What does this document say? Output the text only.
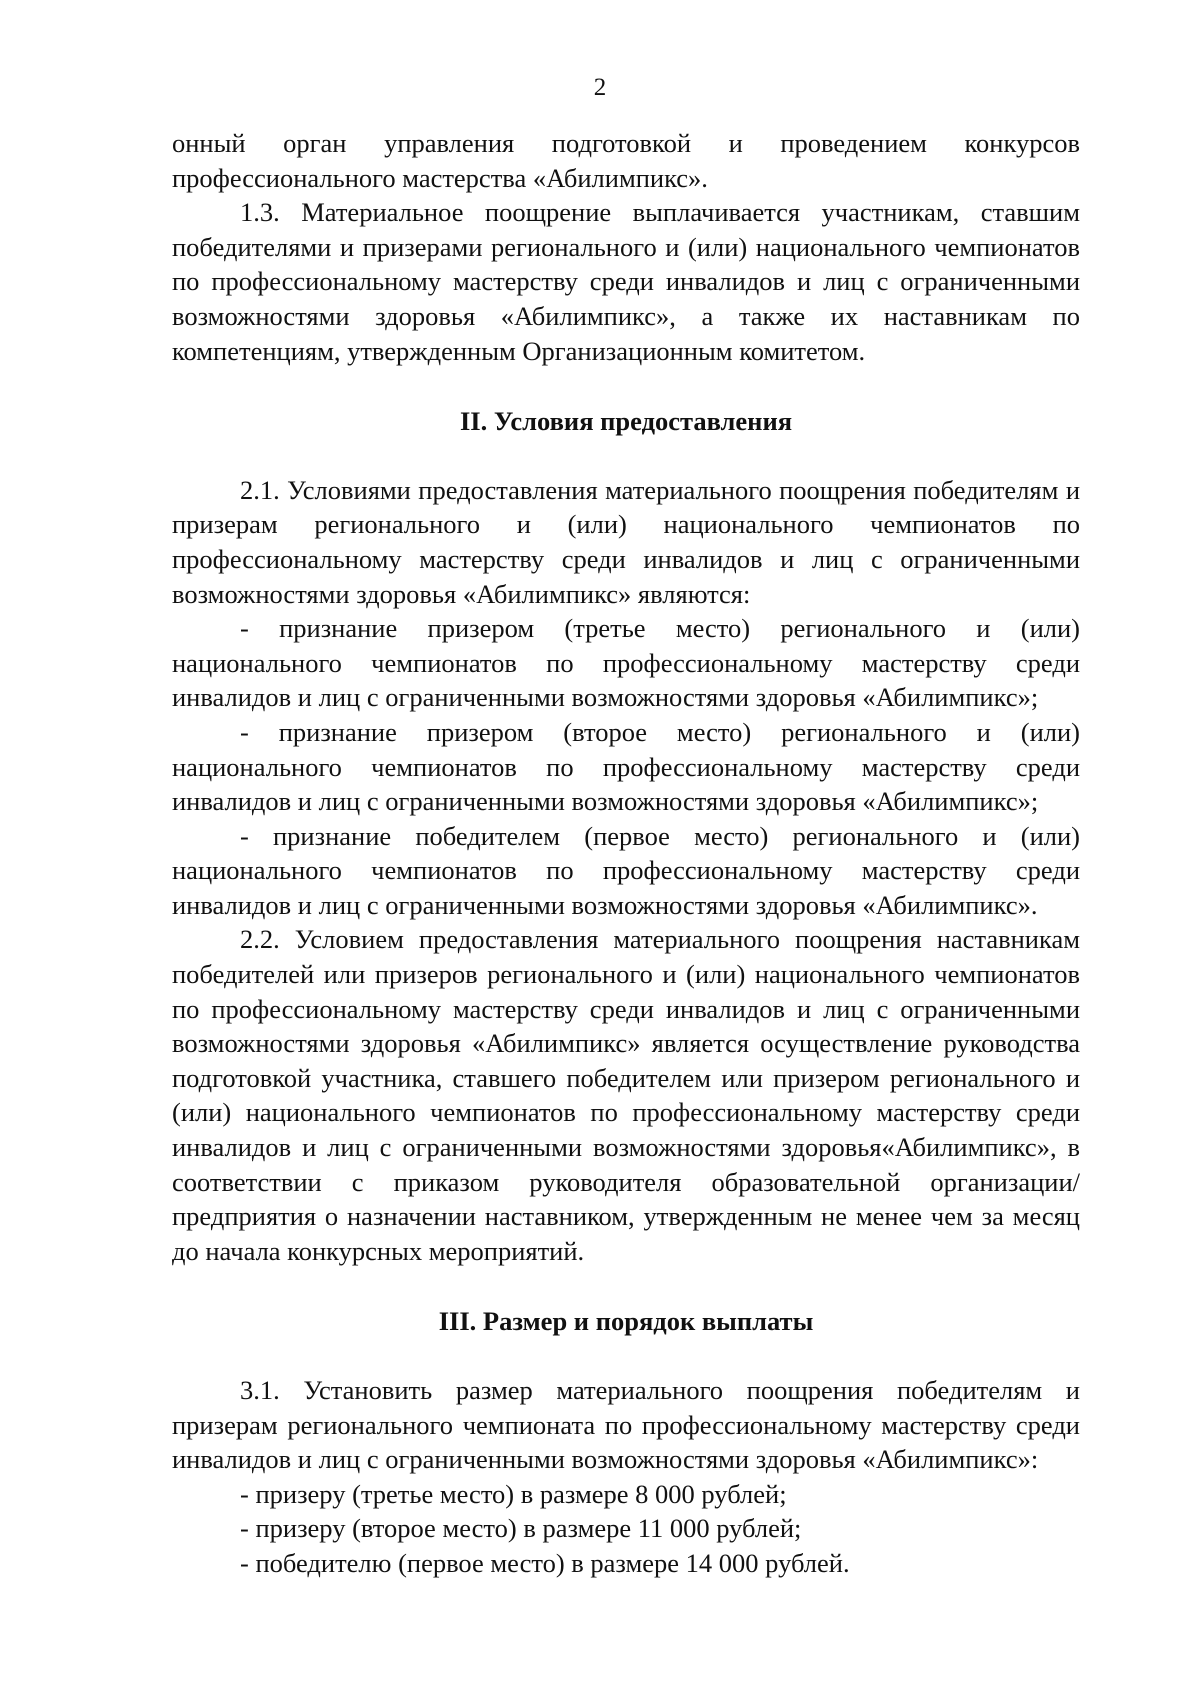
2

онный орган управления подготовкой и проведением конкурсов профессионального мастерства «Абилимпикс».

1.3. Материальное поощрение выплачивается участникам, ставшим победителями и призерами регионального и (или) национального чемпионатов по профессиональному мастерству среди инвалидов и лиц с ограниченными возможностями здоровья «Абилимпикс», а также их наставникам по компетенциям, утвержденным Организационным комитетом.

II. Условия предоставления

2.1. Условиями предоставления материального поощрения победителям и призерам регионального и (или) национального чемпионатов по профессиональному мастерству среди инвалидов и лиц с ограниченными возможностями здоровья «Абилимпикс» являются:

- признание призером (третье место) регионального и (или) национального чемпионатов по профессиональному мастерству среди инвалидов и лиц с ограниченными возможностями здоровья «Абилимпикс»;

- признание призером (второе место) регионального и (или) национального чемпионатов по профессиональному мастерству среди инвалидов и лиц с ограниченными возможностями здоровья «Абилимпикс»;

- признание победителем (первое место) регионального и (или) национального чемпионатов по профессиональному мастерству среди инвалидов и лиц с ограниченными возможностями здоровья «Абилимпикс».

2.2. Условием предоставления материального поощрения наставникам победителей или призеров регионального и (или) национального чемпионатов по профессиональному мастерству среди инвалидов и лиц с ограниченными возможностями здоровья «Абилимпикс» является осуществление руководства подготовкой участника, ставшего победителем или призером регионального и (или) национального чемпионатов по профессиональному мастерству среди инвалидов и лиц с ограниченными возможностями здоровья«Абилимпикс», в соответствии с приказом руководителя образовательной организации/предприятия о назначении наставником, утвержденным не менее чем за месяц до начала конкурсных мероприятий.

III. Размер и порядок выплаты

3.1. Установить размер материального поощрения победителям и призерам регионального чемпионата по профессиональному мастерству среди инвалидов и лиц с ограниченными возможностями здоровья «Абилимпикс»:

- призеру (третье место) в размере 8 000 рублей;

- призеру (второе место) в размере 11 000 рублей;

- победителю (первое место) в размере 14 000 рублей.
